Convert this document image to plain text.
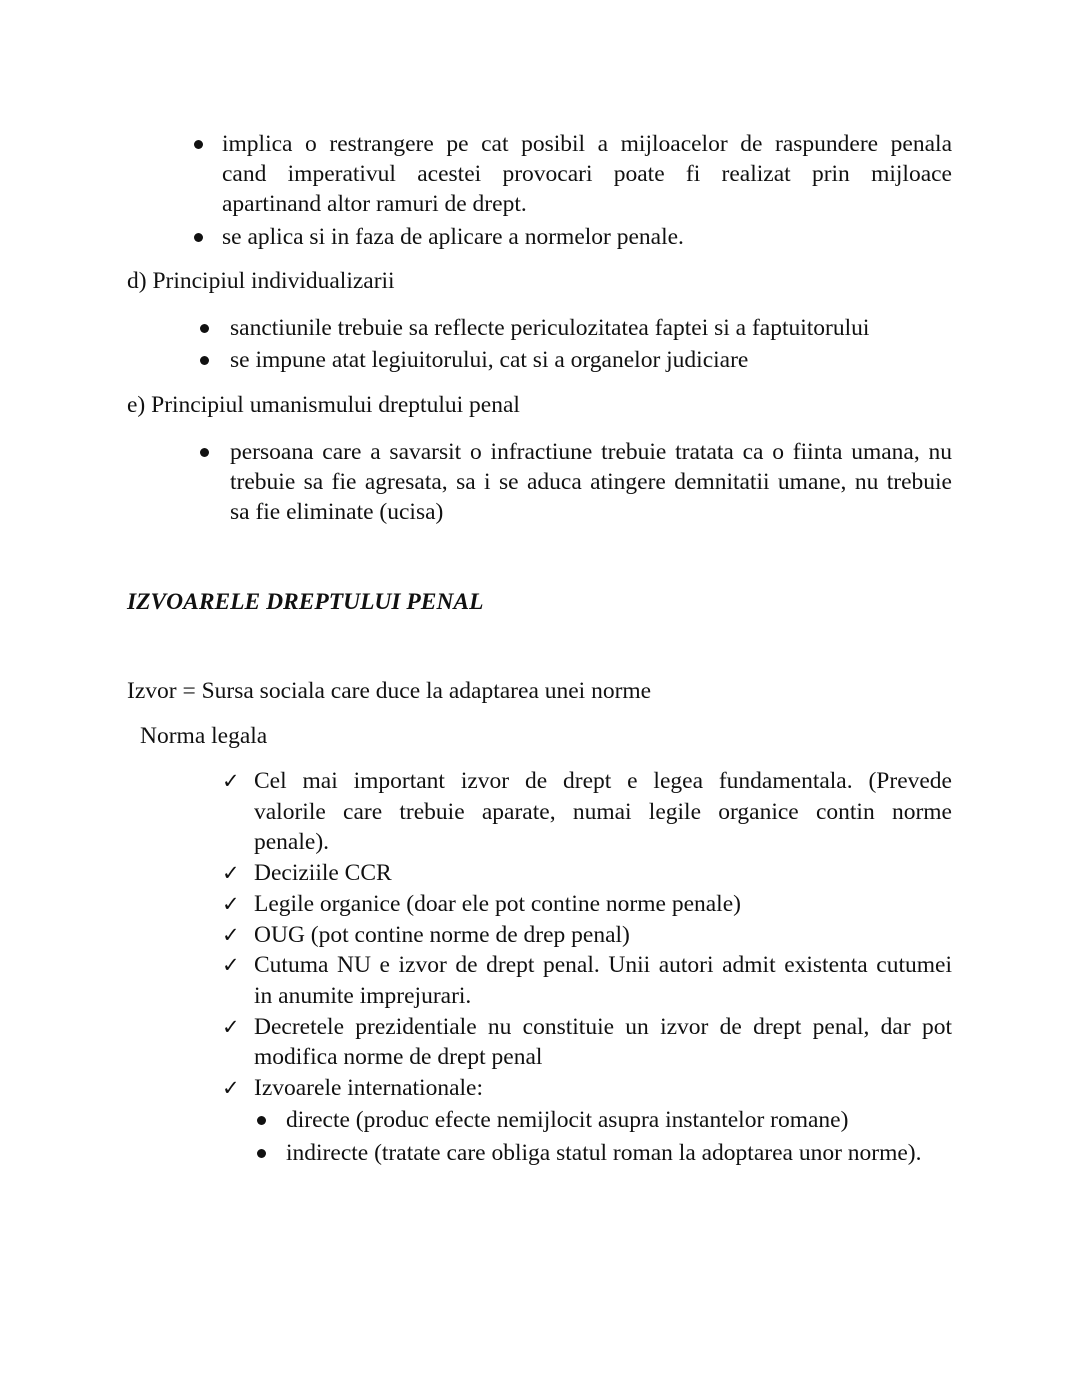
implica o restrangere pe cat posibil a mijloacelor de raspundere penala
cand imperativul acestei provocari poate fi realizat prin mijloace
apartinand altor ramuri de drept.
se aplica si in faza de aplicare a normelor penale.
d) Principiul individualizarii
sanctiunile trebuie sa reflecte periculozitatea faptei si a faptuitorului
se impune atat legiuitorului, cat si a organelor judiciare
e) Principiul umanismului dreptului penal
persoana care a savarsit o infractiune trebuie tratata ca o fiinta umana, nu
trebuie sa fie agresata, sa i se aduca atingere demnitatii umane, nu trebuie
sa fie eliminate (ucisa)
IZVOARELE DREPTULUI PENAL
Izvor = Sursa sociala care duce la adaptarea unei norme
Norma legala
✓ Cel mai important izvor de drept e legea fundamentala. (Prevede
valorile care trebuie aparate, numai legile organice contin norme
penale).
✓ Deciziile CCR
✓ Legile organice (doar ele pot contine norme penale)
✓ OUG (pot contine norme de drep penal)
✓ Cutuma NU e izvor de drept penal. Unii autori admit existenta cutumei
in anumite imprejurari.
✓ Decretele prezidentiale nu constituie un izvor de drept penal, dar pot
modifica norme de drept penal
✓ Izvoarele internationale:
directe (produc efecte nemijlocit asupra instantelor romane)
indirecte (tratate care obliga statul roman la adoptarea unor norme).
